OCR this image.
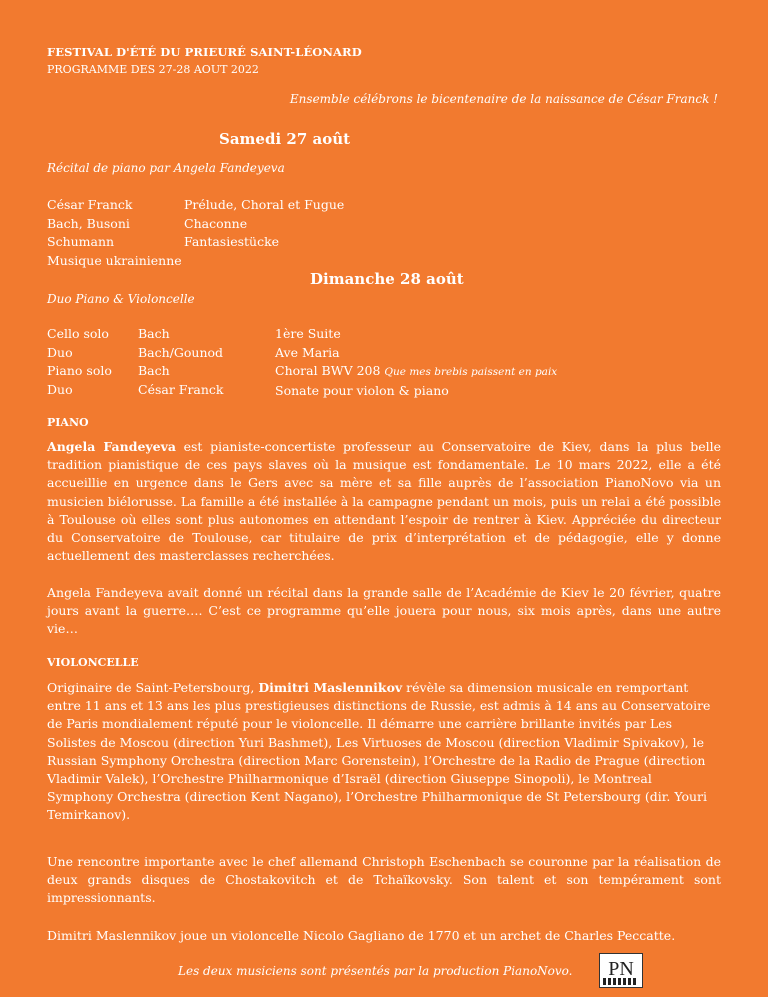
FESTIVAL D'ÉTÉ DU PRIEURÉ SAINT-LÉONARD
PROGRAMME DES 27-28 AOUT 2022
Ensemble célébrons le bicentenaire de la naissance de César Franck !
Samedi 27 août
Récital de piano par Angela Fandeyeva
César Franck
Bach, Busoni
Schumann
Musique ukrainienne
Prélude, Choral et Fugue
Chaconne
Fantasiestücke
Dimanche 28 août
Duo Piano & Violoncelle
Cello solo
Duo
Piano solo
Duo
Bach
Bach/Gounod
Bach
César Franck
1ère Suite
Ave Maria
Choral BWV 208 Que mes brebis paissent en paix
Sonate pour violon & piano
PIANO

Angela Fandeyeva est pianiste-concertiste professeur au Conservatoire de Kiev, dans la plus belle tradition pianistique de ces pays slaves où la musique est fondamentale. Le 10 mars 2022, elle a été accueillie en urgence dans le Gers avec sa mère et sa fille auprès de l’association PianoNovo via un musicien biélorusse. La famille a été installée à la campagne pendant un mois, puis un relai a été possible à Toulouse où elles sont plus autonomes en attendant l’espoir de rentrer à Kiev. Appréciée du directeur du Conservatoire de Toulouse, car titulaire de prix d’interprétation et de pédagogie, elle y donne actuellement des masterclasses recherchées.

Angela Fandeyeva avait donné un récital dans la grande salle de l’Académie de Kiev le 20 février, quatre jours avant la guerre…. C’est ce programme qu’elle jouera pour nous, six mois après, dans une autre vie…

VIOLONCELLE

Originaire de Saint-Petersbourg, Dimitri Maslennikov révèle sa dimension musicale en remportant entre 11 ans et 13 ans les plus prestigieuses distinctions de Russie, est admis à 14 ans au Conservatoire de Paris mondialement réputé pour le violoncelle. Il démarre une carrière brillante invités par Les Solistes de Moscou (direction Yuri Bashmet), Les Virtuoses de Moscou (direction Vladimir Spivakov), le Russian Symphony Orchestra (direction Marc Gorenstein), l’Orchestre de la Radio de Prague (direction Vladimir Valek), l’Orchestre Philharmonique d’Israël (direction Giuseppe Sinopoli), le Montreal Symphony Orchestra (direction Kent Nagano), l’Orchestre Philharmonique de St Petersbourg (dir. Youri Temirkanov).

Une rencontre importante avec le chef allemand Christoph Eschenbach se couronne par la réalisation de deux grands disques de Chostakovitch et de Tchaïkovsky. Son talent et son tempérament sont impressionnants.

Dimitri Maslennikov joue un violoncelle Nicolo Gagliano de 1770 et un archet de Charles Peccatte.

Les deux musiciens sont présentés par la production PianoNovo. PN
